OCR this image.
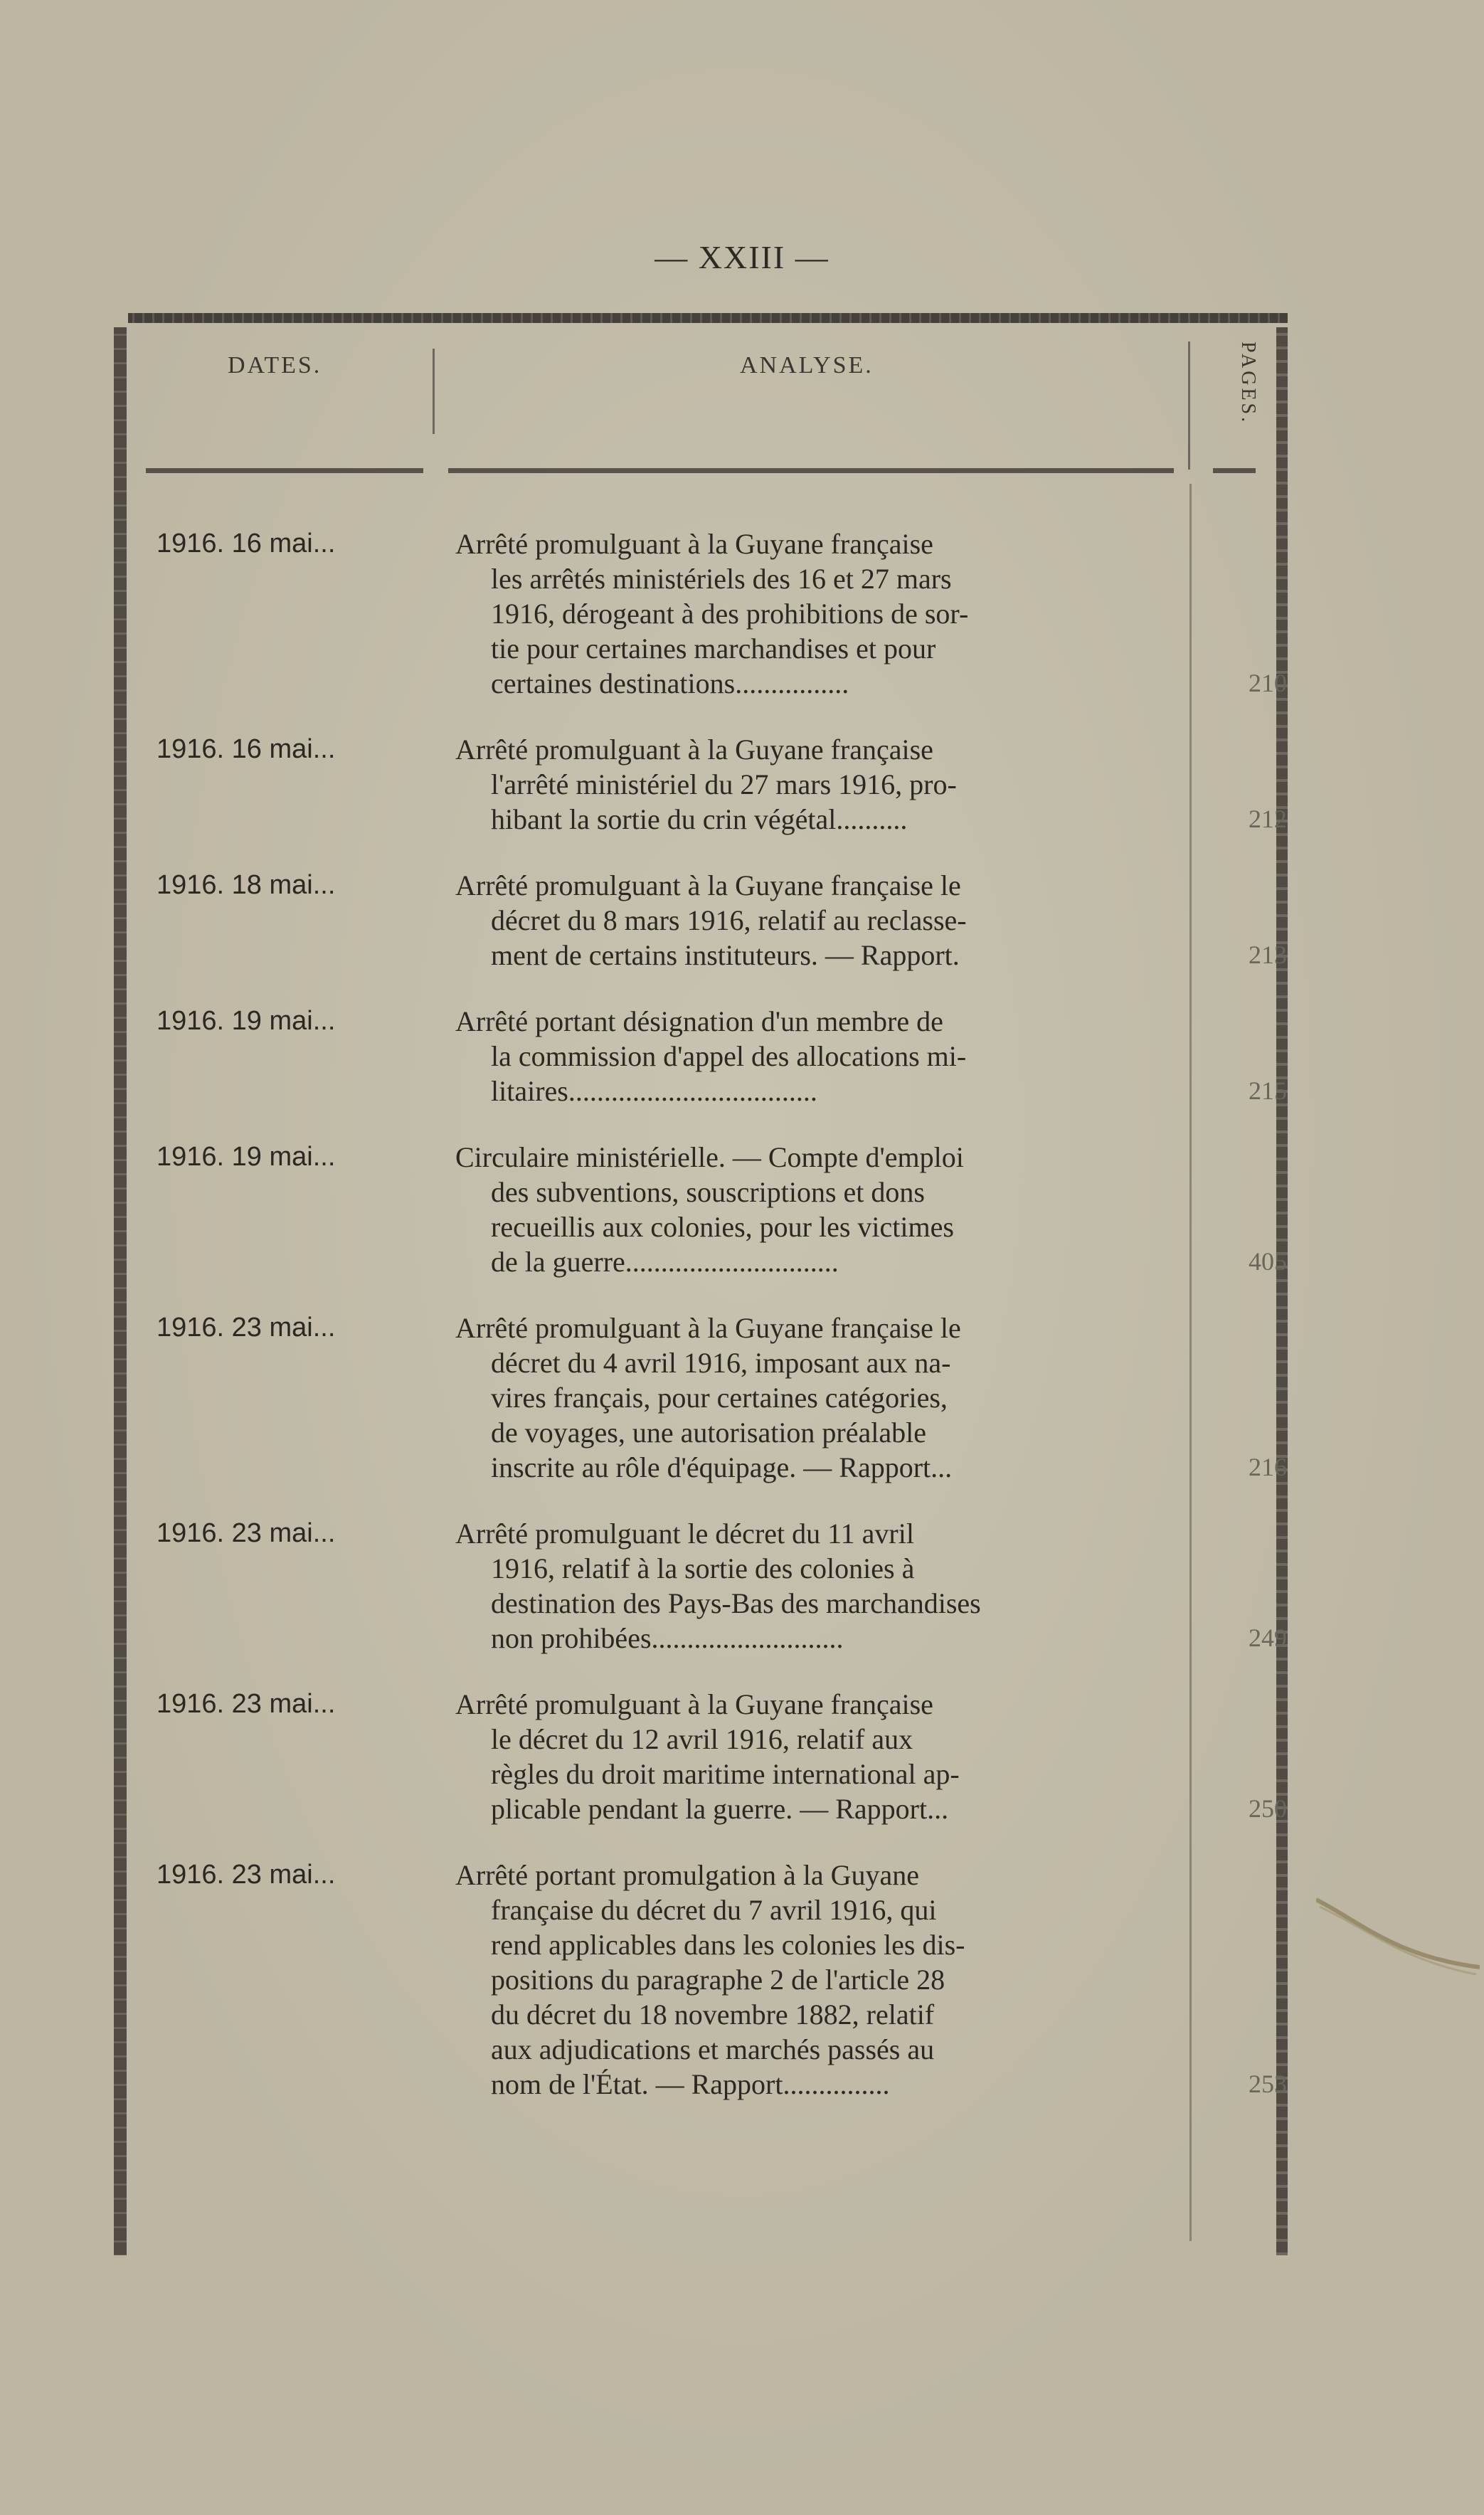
— XXIII —
DATES.	ANALYSE.	PAGES.
1916. 16 mai...	Arrêté promulguant à la Guyane française
les arrêtés ministériels des 16 et 27 mars
1916, dérogeant à des prohibitions de sor-
tie pour certaines marchandises et pour
certaines destinations................	210
1916. 16 mai...	Arrêté promulguant à la Guyane française
l'arrêté ministériel du 27 mars 1916, pro-
hibant la sortie du crin végétal..........	212
1916. 18 mai...	Arrêté promulguant à la Guyane française le
décret du 8 mars 1916, relatif au reclasse-
ment de certains instituteurs. — Rapport.	213
1916. 19 mai...	Arrêté portant désignation d'un membre de
la commission d'appel des allocations mi-
litaires...................................	215
1916. 19 mai...	Circulaire ministérielle. — Compte d'emploi
des subventions, souscriptions et dons
recueillis aux colonies, pour les victimes
de la guerre..............................	405
1916. 23 mai...	Arrêté promulguant à la Guyane française le
décret du 4 avril 1916, imposant aux na-
vires français, pour certaines catégories,
de voyages, une autorisation préalable
inscrite au rôle d'équipage. — Rapport...	216
1916. 23 mai...	Arrêté promulguant le décret du 11 avril
1916, relatif à la sortie des colonies à
destination des Pays-Bas des marchandises
non prohibées...........................	249
1916. 23 mai...	Arrêté promulguant à la Guyane française
le décret du 12 avril 1916, relatif aux
règles du droit maritime international ap-
plicable pendant la guerre. — Rapport...	250
1916. 23 mai...	Arrêté portant promulgation à la Guyane
française du décret du 7 avril 1916, qui
rend applicables dans les colonies les dis-
positions du paragraphe 2 de l'article 28
du décret du 18 novembre 1882, relatif
aux adjudications et marchés passés au
nom de l'État. — Rapport...............	253
